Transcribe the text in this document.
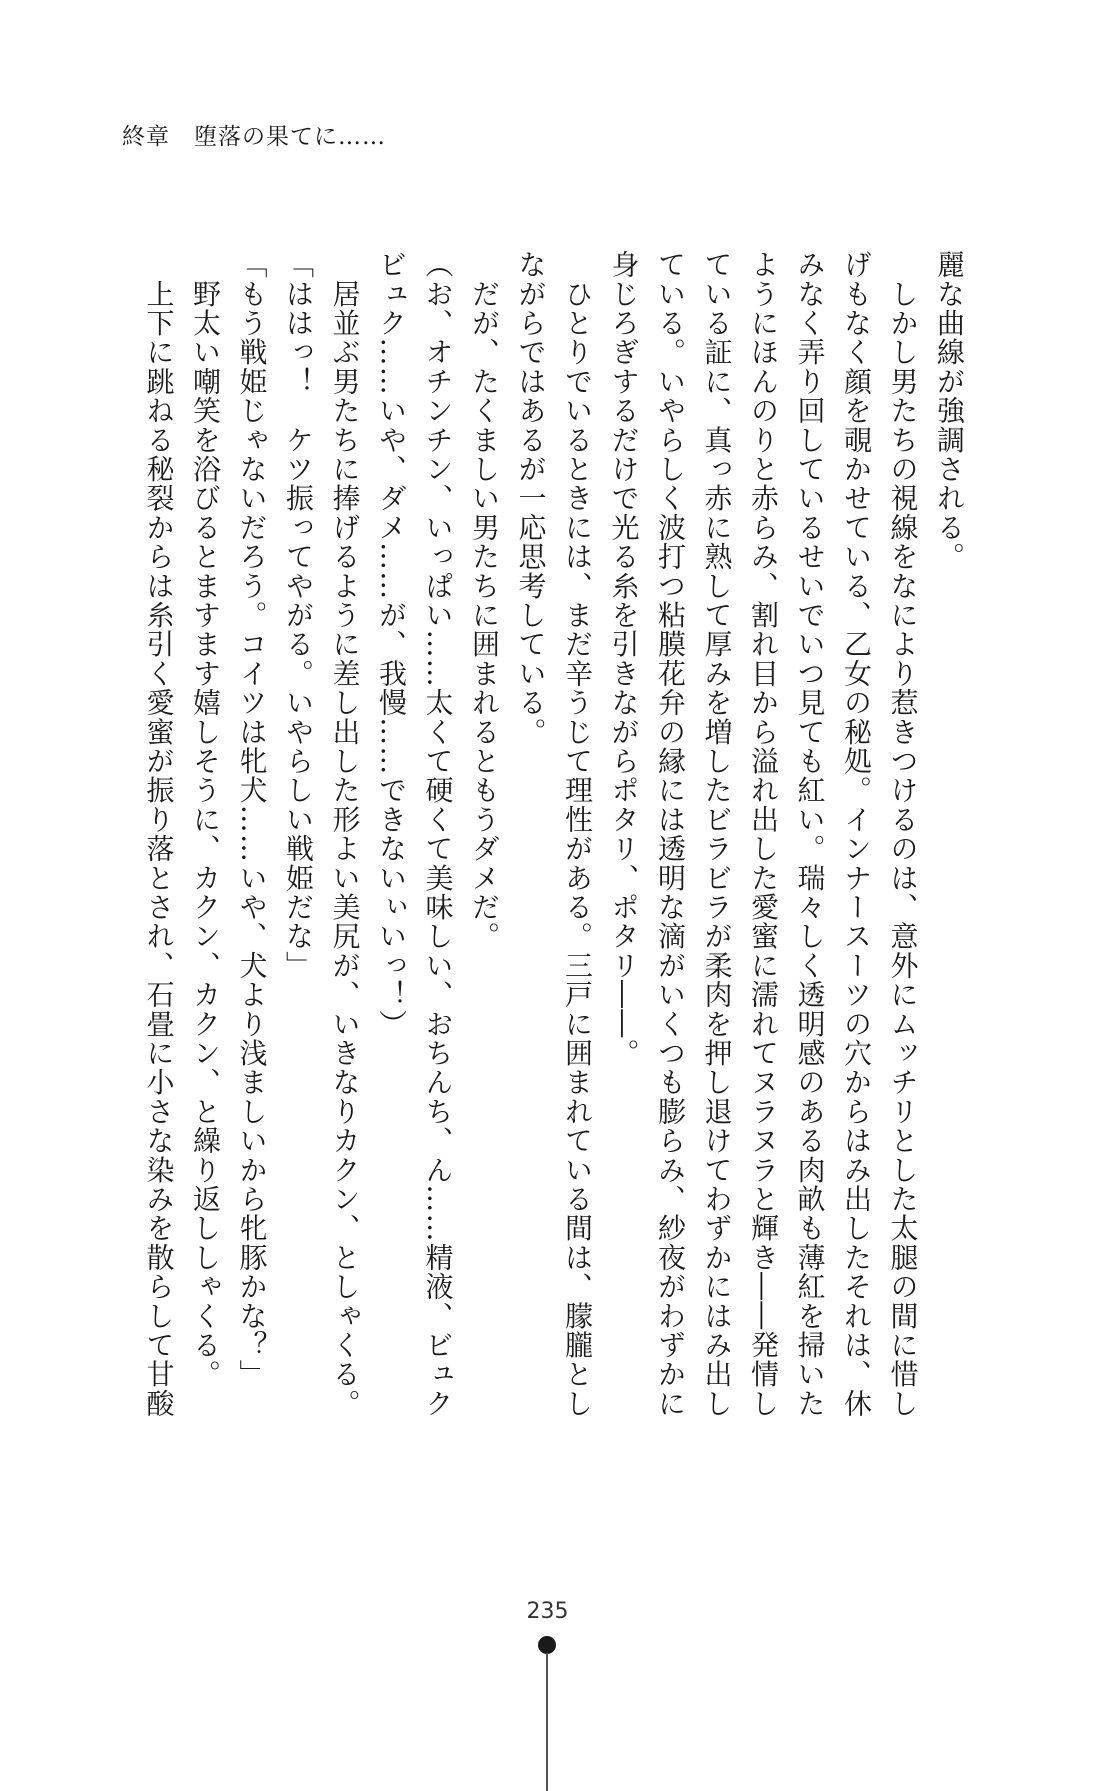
終章　堕落の果てに……

麗な曲線が強調される。

　しかし男たちの視線をなにより惹きつけるのは、意外にムッチリとした太腿の間に惜し

げもなく顔を覗かせている、乙女の秘処。インナースーツの穴からはみ出したそれは、休

みなく弄り回しているせいでいつ見ても紅い。瑞々しく透明感のある肉畝も薄紅を掃いた

ようにほんのりと赤らみ、割れ目から溢れ出した愛蜜に濡れてヌラヌラと輝き――発情し

ている証に、真っ赤に熟して厚みを増したビラビラが柔肉を押し退けてわずかにはみ出し

ている。いやらしく波打つ粘膜花弁の縁には透明な滴がいくつも膨らみ、紗夜がわずかに

身じろぎするだけで光る糸を引きながらポタリ、ポタリ――。

　ひとりでいるときには、まだ辛うじて理性がある。三戸に囲まれている間は、朦朧とし

ながらではあるが一応思考している。

　だが、たくましい男たちに囲まれるともうダメだ。

（お、オチンチン、いっぱい……太くて硬くて美味しい、おちんち、ん……精液、ビュク

ビュク……いや、ダメ……が、我慢……できないぃいっ！）

　居並ぶ男たちに捧げるように差し出した形よい美尻が、いきなりカクン、としゃくる。

「ははっ！　ケツ振ってやがる。いやらしい戦姫だな」

「もう戦姫じゃないだろう。コイツは牝犬……いや、犬より浅ましいから牝豚かな？」

　野太い嘲笑を浴びるとますます嬉しそうに、カクン、カクン、と繰り返ししゃくる。

　上下に跳ねる秘裂からは糸引く愛蜜が振り落とされ、石畳に小さな染みを散らして甘酸

235
